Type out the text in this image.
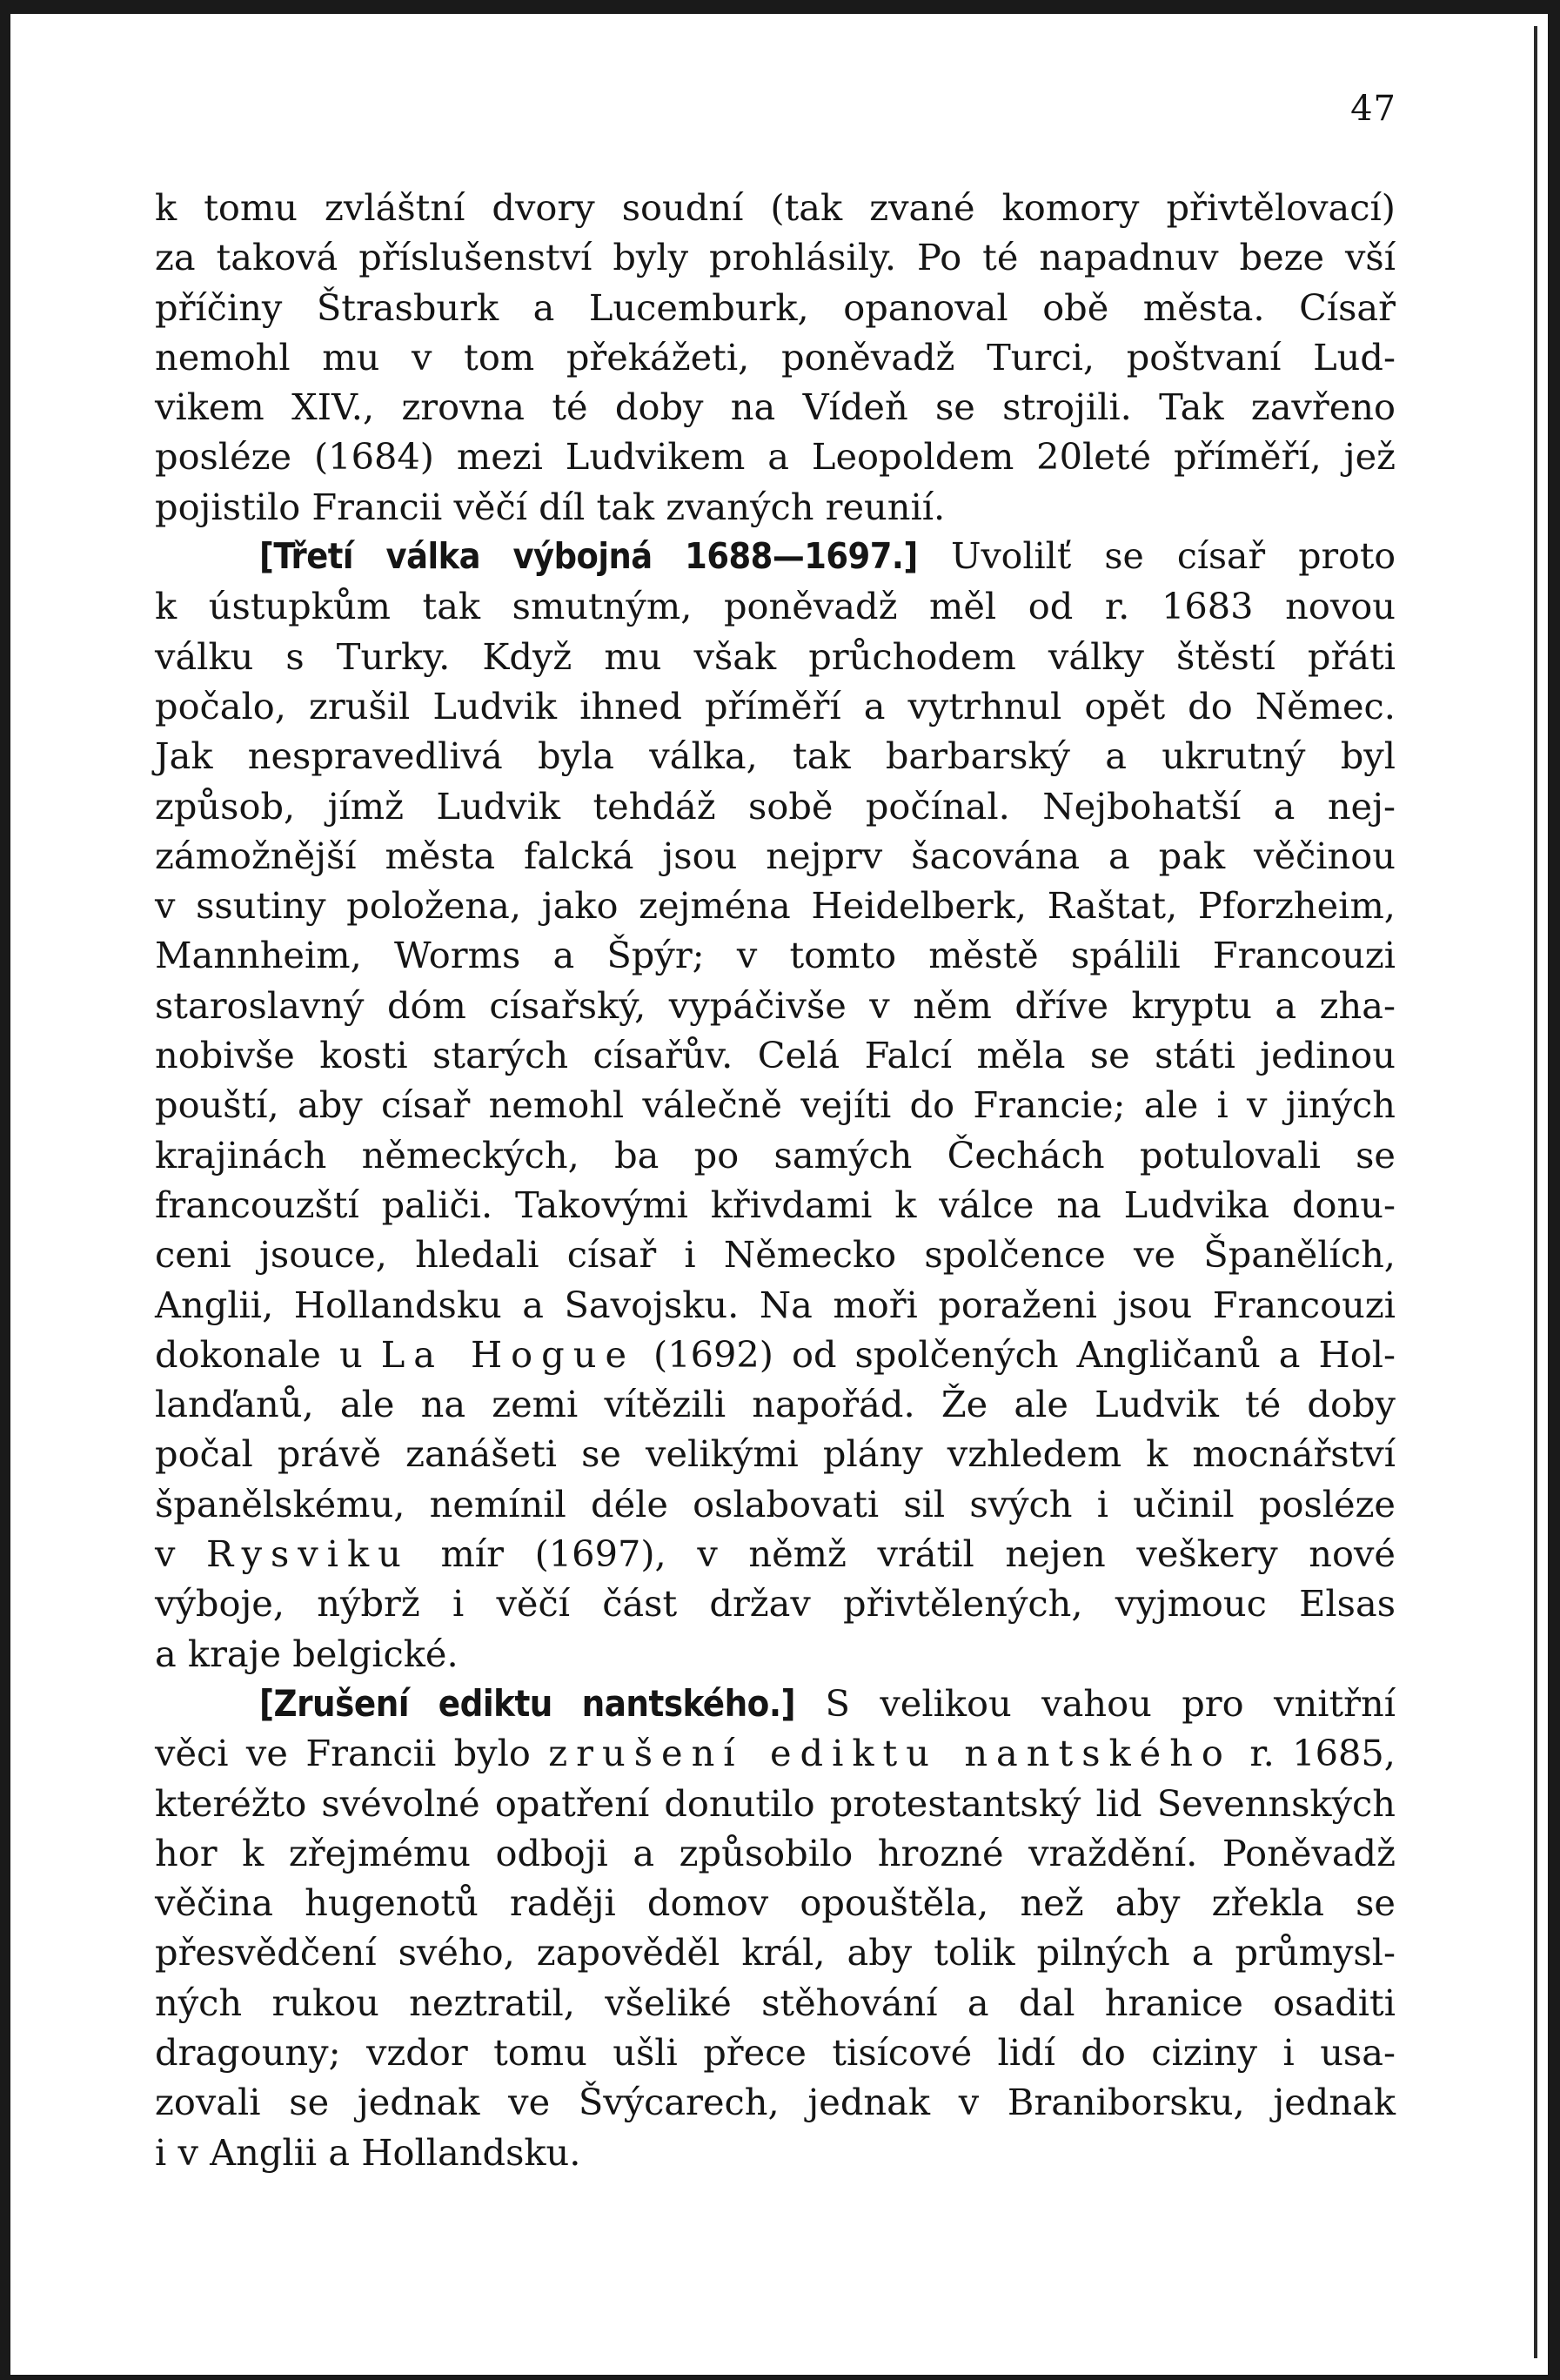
47
k tomu zvláštní dvory soudní (tak zvané komory přivtělovací)
za taková příslušenství byly prohlásily. Po té napadnuv beze vší
příčiny Štrasburk a Lucemburk, opanoval obě města. Císař
nemohl mu v tom překážeti, poněvadž Turci, poštvaní Lud-
vikem XIV., zrovna té doby na Vídeň se strojili. Tak zavřeno
posléze (1684) mezi Ludvikem a Leopoldem 20leté příměří, jež
pojistilo Francii věčí díl tak zvaných reunií.
[Třetí válka výbojná 1688—1697.] Uvolilť se císař proto
k ústupkům tak smutným, poněvadž měl od r. 1683 novou
válku s Turky. Když mu však průchodem války štěstí přáti
počalo, zrušil Ludvik ihned příměří a vytrhnul opět do Němec.
Jak nespravedlivá byla válka, tak barbarský a ukrutný byl
způsob, jímž Ludvik tehdáž sobě počínal. Nejbohatší a nej-
zámožnější města falcká jsou nejprv šacována a pak věčinou
v ssutiny položena, jako zejména Heidelberk, Raštat, Pforzheim,
Mannheim, Worms a Špýr; v tomto městě spálili Francouzi
staroslavný dóm císařský, vypáčivše v něm dříve kryptu a zha-
nobivše kosti starých císařův. Celá Falcí měla se státi jedinou
pouští, aby císař nemohl válečně vejíti do Francie; ale i v jiných
krajinách německých, ba po samých Čechách potulovali se
francouzští paliči. Takovými křivdami k válce na Ludvika donu-
ceni jsouce, hledali císař i Německo spolčence ve Španělích,
Anglii, Hollandsku a Savojsku. Na moři poraženi jsou Francouzi
dokonale u La Hogue (1692) od spolčených Angličanů a Hol-
lanďanů, ale na zemi vítězili napořád. Že ale Ludvik té doby
počal právě zanášeti se velikými plány vzhledem k mocnářství
španělskému, nemínil déle oslabovati sil svých i učinil posléze
v Rysviku mír (1697), v němž vrátil nejen veškery nové
výboje, nýbrž i věčí část držav přivtělených, vyjmouc Elsas
a kraje belgické.
[Zrušení ediktu nantského.] S velikou vahou pro vnitřní
věci ve Francii bylo zrušení ediktu nantského r. 1685,
kteréžto svévolné opatření donutilo protestantský lid Sevennských
hor k zřejmému odboji a způsobilo hrozné vraždění. Poněvadž
věčina hugenotů raději domov opouštěla, než aby zřekla se
přesvědčení svého, zapověděl král, aby tolik pilných a průmysl-
ných rukou neztratil, všeliké stěhování a dal hranice osaditi
dragouny; vzdor tomu ušli přece tisícové lidí do ciziny i usa-
zovali se jednak ve Švýcarech, jednak v Braniborsku, jednak
i v Anglii a Hollandsku.
